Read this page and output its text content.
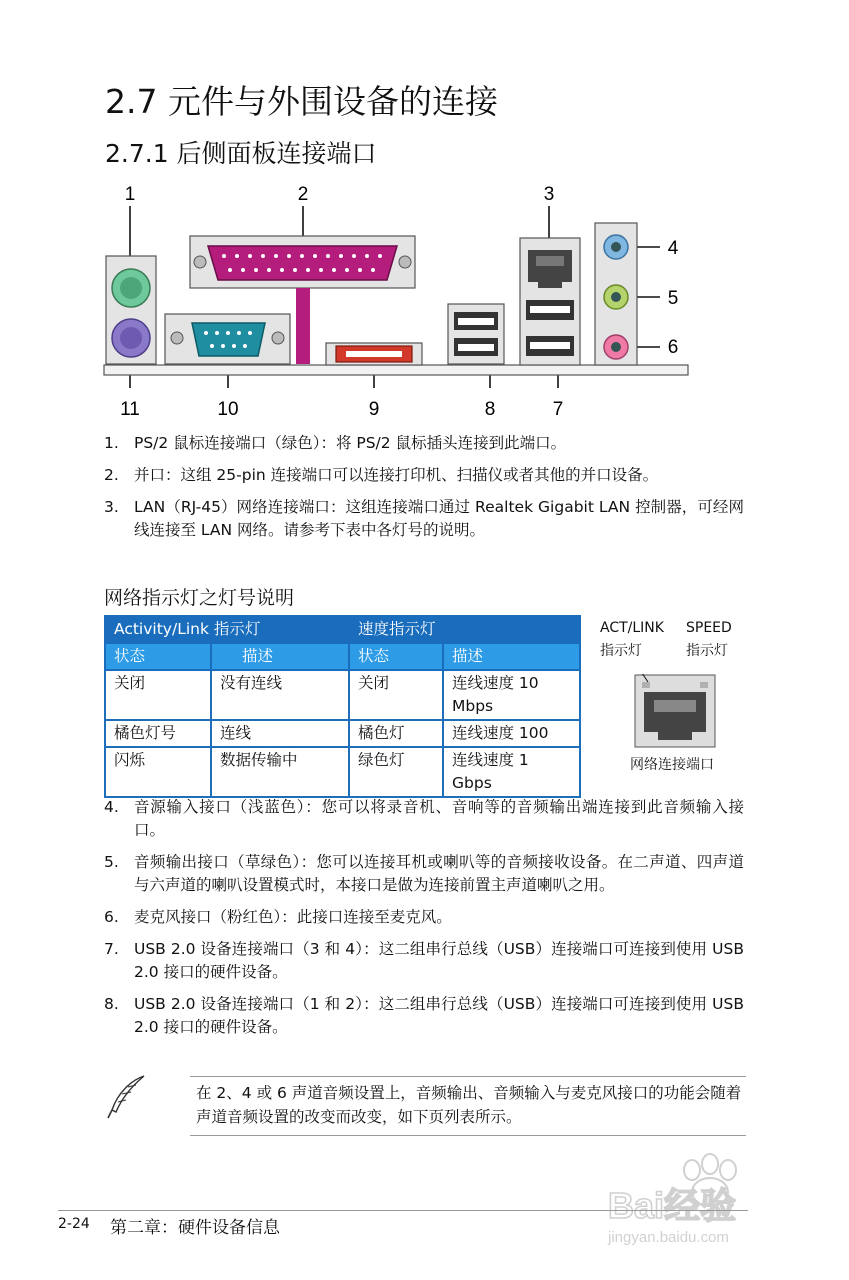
2.7 元件与外围设备的连接
2.7.1 后侧面板连接端口
1	2	3
4
5
6
11	10	9	8	7
1. PS/2 鼠标连接端口（绿色）：将 PS/2 鼠标插头连接到此端口。
2. 并口：这组 25-pin 连接端口可以连接打印机、扫描仪或者其他的并口设备。
3. LAN（RJ-45）网络连接端口：这组连接端口通过 Realtek Gigabit LAN 控制器，可经网线连接至 LAN 网络。请参考下表中各灯号的说明。
网络指示灯之灯号说明
Activity/Link 指示灯		速度指示灯	
状态	描述	状态	描述
关闭	没有连线	关闭	连线速度 10 Mbps
橘色灯号	连线	橘色灯	连线速度 100
闪烁	数据传输中	绿色灯	连线速度 1 Gbps
ACT/LINK
指示灯
SPEED
指示灯
网络连接端口
4. 音源输入接口（浅蓝色）：您可以将录音机、音响等的音频输出端连接到此音频输入接口。
5. 音频输出接口（草绿色）：您可以连接耳机或喇叭等的音频接收设备。在二声道、四声道与六声道的喇叭设置模式时，本接口是做为连接前置主声道喇叭之用。
6. 麦克风接口（粉红色）：此接口连接至麦克风。
7. USB 2.0 设备连接端口（3 和 4）：这二组串行总线（USB）连接端口可连接到使用 USB 2.0 接口的硬件设备。
8. USB 2.0 设备连接端口（1 和 2）：这二组串行总线（USB）连接端口可连接到使用 USB 2.0 接口的硬件设备。
在 2、4 或 6 声道音频设置上，音频输出、音频输入与麦克风接口的功能会随着声道音频设置的改变而改变，如下页列表所示。
2-24 第二章：硬件设备信息
Bai经验
jingyan.baidu.com
